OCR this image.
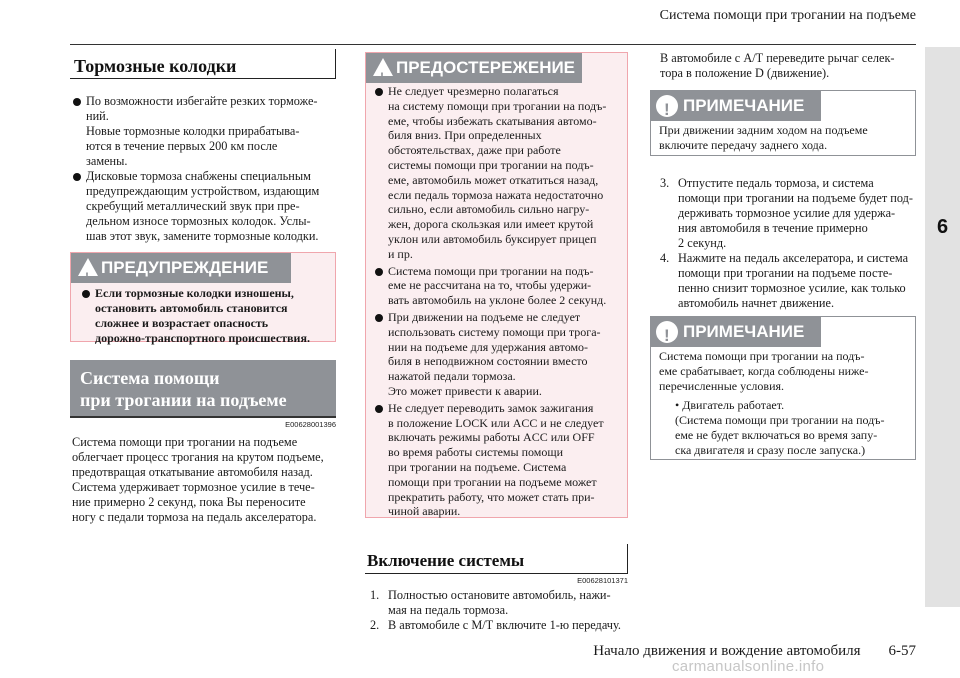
Система помощи при трогании на подъеме
6
Тормозные колодки
По возможности избегайте резких торможе-
ний.
Новые тормозные колодки прирабатыва-
ются в течение первых 200 км после
замены.
Дисковые тормоза снабжены специальным
предупреждающим устройством, издающим
скребущий металлический звук при пре-
дельном износе тормозных колодок. Услы-
шав этот звук, замените тормозные колодки.
!
ПРЕДУПРЕЖДЕНИЕ
Если тормозные колодки изношены,
остановить автомобиль становится
сложнее и возрастает опасность
дорожно-транспортного происшествия.
Система помощи
при трогании на подъеме
E00628001396
Система помощи при трогании на подъеме
облегчает процесс трогания на крутом подъеме,
предотвращая откатывание автомобиля назад.
Система удерживает тормозное усилие в тече-
ние примерно 2 секунд, пока Вы переносите
ногу с педали тормоза на педаль акселератора.
!
ПРЕДОСТЕРЕЖЕНИЕ
Не следует чрезмерно полагаться
на систему помощи при трогании на подъ-
еме, чтобы избежать скатывания автомо-
биля вниз. При определенных
обстоятельствах, даже при работе
системы помощи при трогании на подъ-
еме, автомобиль может откатиться назад,
если педаль тормоза нажата недостаточно
сильно, если автомобиль сильно нагру-
жен, дорога скользкая или имеет крутой
уклон или автомобиль буксирует прицеп
и пр.
Система помощи при трогании на подъ-
еме не рассчитана на то, чтобы удержи-
вать автомобиль на уклоне более 2 секунд.
При движении на подъеме не следует
использовать систему помощи при трога-
нии на подъеме для удержания автомо-
биля в неподвижном состоянии вместо
нажатой педали тормоза.
Это может привести к аварии.
Не следует переводить замок зажигания
в положение LOCK или ACC и не следует
включать режимы работы ACC или OFF
во время работы системы помощи
при трогании на подъеме. Система
помощи при трогании на подъеме может
прекратить работу, что может стать при-
чиной аварии.
Включение системы
E00628101371
1. Полностью остановите автомобиль, нажи-
мая на педаль тормоза.
2. В автомобиле с М/Т включите 1-ю передачу.
В автомобиле с А/Т переведите рычаг селек-
тора в положение D (движение).
!
ПРИМЕЧАНИЕ
При движении задним ходом на подъеме
включите передачу заднего хода.
3. Отпустите педаль тормоза, и система
помощи при трогании на подъеме будет под-
держивать тормозное усилие для удержа-
ния автомобиля в течение примерно
2 секунд.
4. Нажмите на педаль акселератора, и система
помощи при трогании на подъеме посте-
пенно снизит тормозное усилие, как только
автомобиль начнет движение.
!
ПРИМЕЧАНИЕ
Система помощи при трогании на подъ-
еме срабатывает, когда соблюдены ниже-
перечисленные условия.
• Двигатель работает.
(Система помощи при трогании на подъ-
еме не будет включаться во время запу-
ска двигателя и сразу после запуска.)
Начало движения и вождение автомобиля 6-57
carmanualsonline.info
